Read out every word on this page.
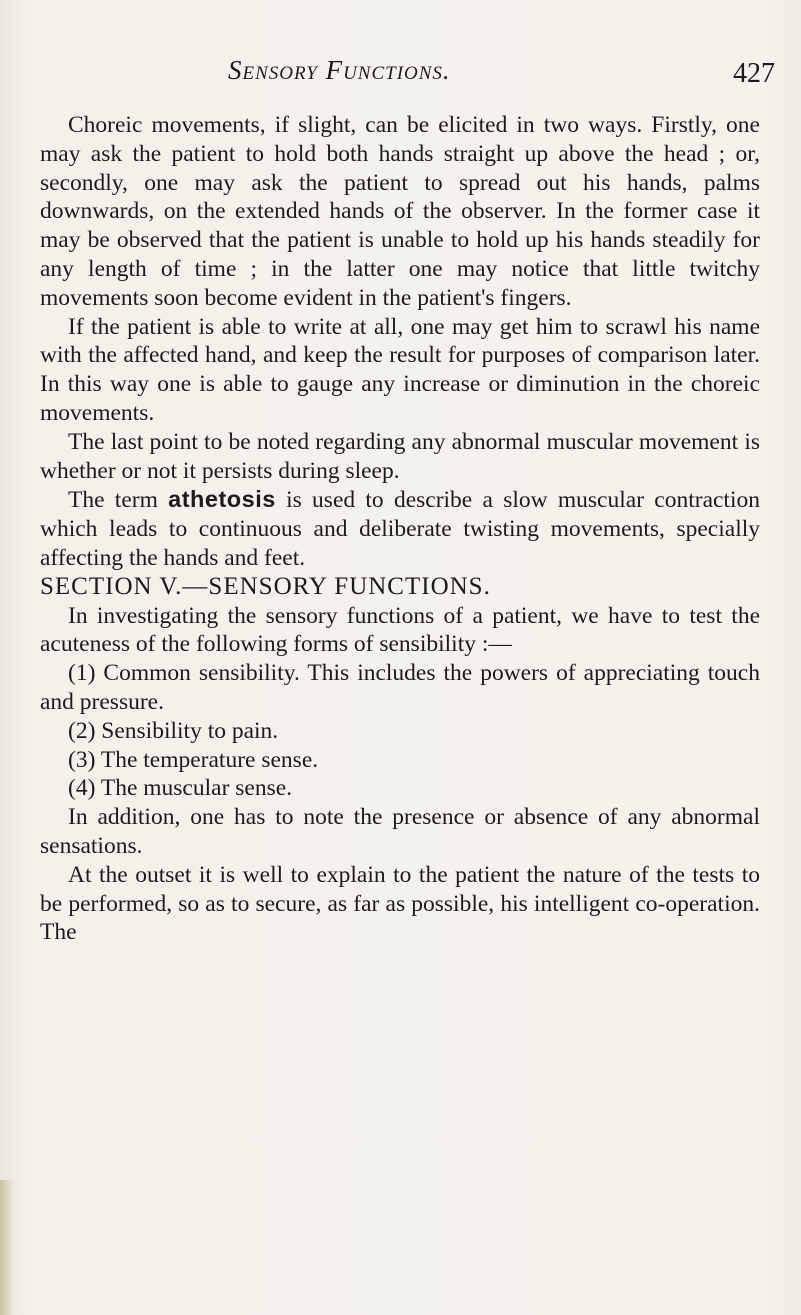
Sensory Functions.	427

Choreic movements, if slight, can be elicited in two ways. Firstly, one may ask the patient to hold both hands straight up above the head ; or, secondly, one may ask the patient to spread out his hands, palms downwards, on the extended hands of the observer. In the former case it may be observed that the patient is unable to hold up his hands steadily for any length of time ; in the latter one may notice that little twitchy movements soon become evident in the patient's fingers.

If the patient is able to write at all, one may get him to scrawl his name with the affected hand, and keep the result for purposes of comparison later. In this way one is able to gauge any increase or diminution in the choreic movements.

The last point to be noted regarding any abnormal muscular movement is whether or not it persists during sleep.

The term athetosis is used to describe a slow muscular contraction which leads to continuous and deliberate twisting movements, specially affecting the hands and feet.

SECTION V.—SENSORY FUNCTIONS.

In investigating the sensory functions of a patient, we have to test the acuteness of the following forms of sensibility :—

(1) Common sensibility. This includes the powers of appreciating touch and pressure.

(2) Sensibility to pain.

(3) The temperature sense.

(4) The muscular sense.

In addition, one has to note the presence or absence of any abnormal sensations.

At the outset it is well to explain to the patient the nature of the tests to be performed, so as to secure, as far as possible, his intelligent co-operation. The
